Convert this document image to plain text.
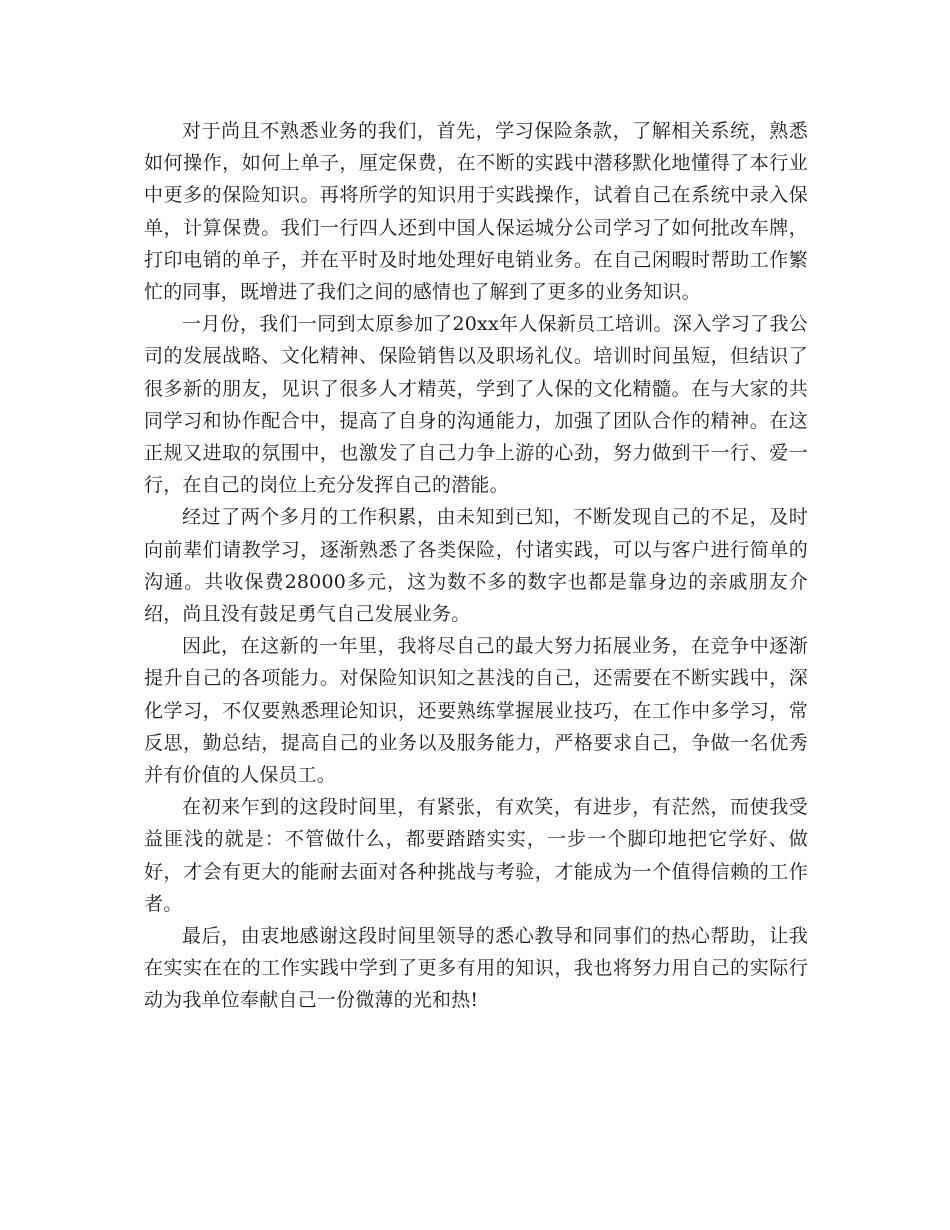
对于尚且不熟悉业务的我们，首先，学习保险条款，了解相关系统，熟悉如何操作，如何上单子，厘定保费，在不断的实践中潜移默化地懂得了本行业中更多的保险知识。再将所学的知识用于实践操作，试着自己在系统中录入保单，计算保费。我们一行四人还到中国人保运城分公司学习了如何批改车牌，打印电销的单子，并在平时及时地处理好电销业务。在自己闲暇时帮助工作繁忙的同事，既增进了我们之间的感情也了解到了更多的业务知识。

一月份，我们一同到太原参加了20xx年人保新员工培训。深入学习了我公司的发展战略、文化精神、保险销售以及职场礼仪。培训时间虽短，但结识了很多新的朋友，见识了很多人才精英，学到了人保的文化精髓。在与大家的共同学习和协作配合中，提高了自身的沟通能力，加强了团队合作的精神。在这正规又进取的氛围中，也激发了自己力争上游的心劲，努力做到干一行、爱一行，在自己的岗位上充分发挥自己的潜能。

经过了两个多月的工作积累，由未知到已知，不断发现自己的不足，及时向前辈们请教学习，逐渐熟悉了各类保险，付诸实践，可以与客户进行简单的沟通。共收保费28000多元，这为数不多的数字也都是靠身边的亲戚朋友介绍，尚且没有鼓足勇气自己发展业务。

因此，在这新的一年里，我将尽自己的最大努力拓展业务，在竞争中逐渐提升自己的各项能力。对保险知识知之甚浅的自己，还需要在不断实践中，深化学习，不仅要熟悉理论知识，还要熟练掌握展业技巧，在工作中多学习，常反思，勤总结，提高自己的业务以及服务能力，严格要求自己，争做一名优秀并有价值的人保员工。

在初来乍到的这段时间里，有紧张，有欢笑，有进步，有茫然，而使我受益匪浅的就是：不管做什么，都要踏踏实实，一步一个脚印地把它学好、做好，才会有更大的能耐去面对各种挑战与考验，才能成为一个值得信赖的工作者。

最后，由衷地感谢这段时间里领导的悉心教导和同事们的热心帮助，让我在实实在在的工作实践中学到了更多有用的知识，我也将努力用自己的实际行动为我单位奉献自己一份微薄的光和热!
